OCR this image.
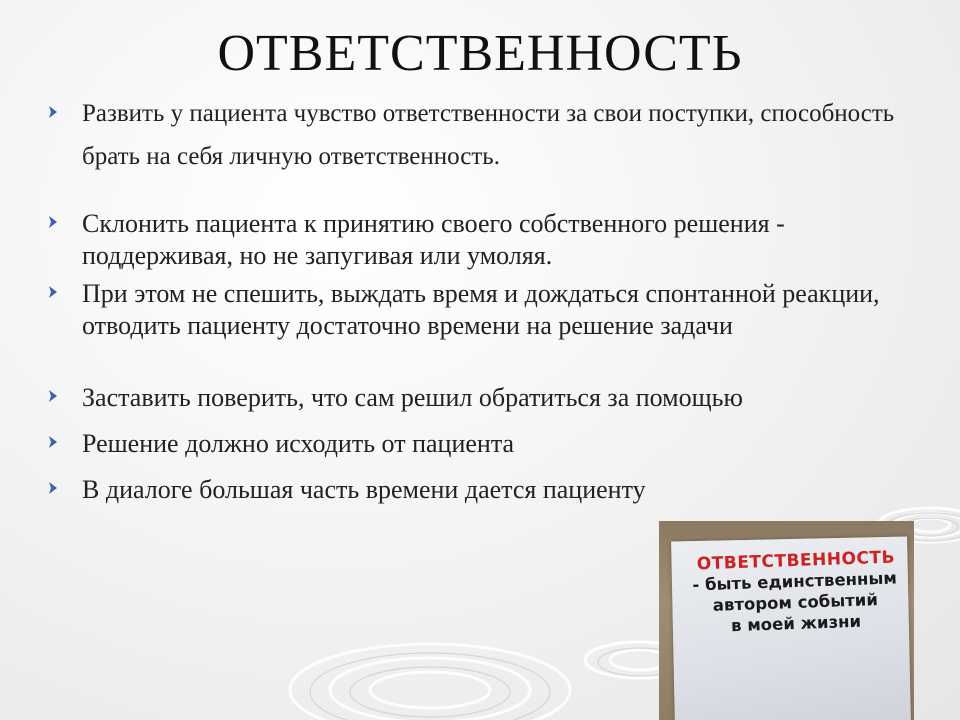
ОТВЕТСТВЕННОСТЬ
Развить у пациента чувство ответственности за свои поступки, способность брать на себя личную ответственность.
Склонить пациента к принятию своего собственного решения - поддерживая, но не запугивая или умоляя.
При этом не спешить, выждать время и дождаться спонтанной реакции, отводить пациенту достаточно времени на решение задачи
Заставить поверить, что сам решил обратиться за помощью
Решение должно исходить от пациента
В диалоге большая часть времени дается пациенту
ОТВЕТСТВЕННОСТЬ
- быть единственным
автором событий
в моей жизни
